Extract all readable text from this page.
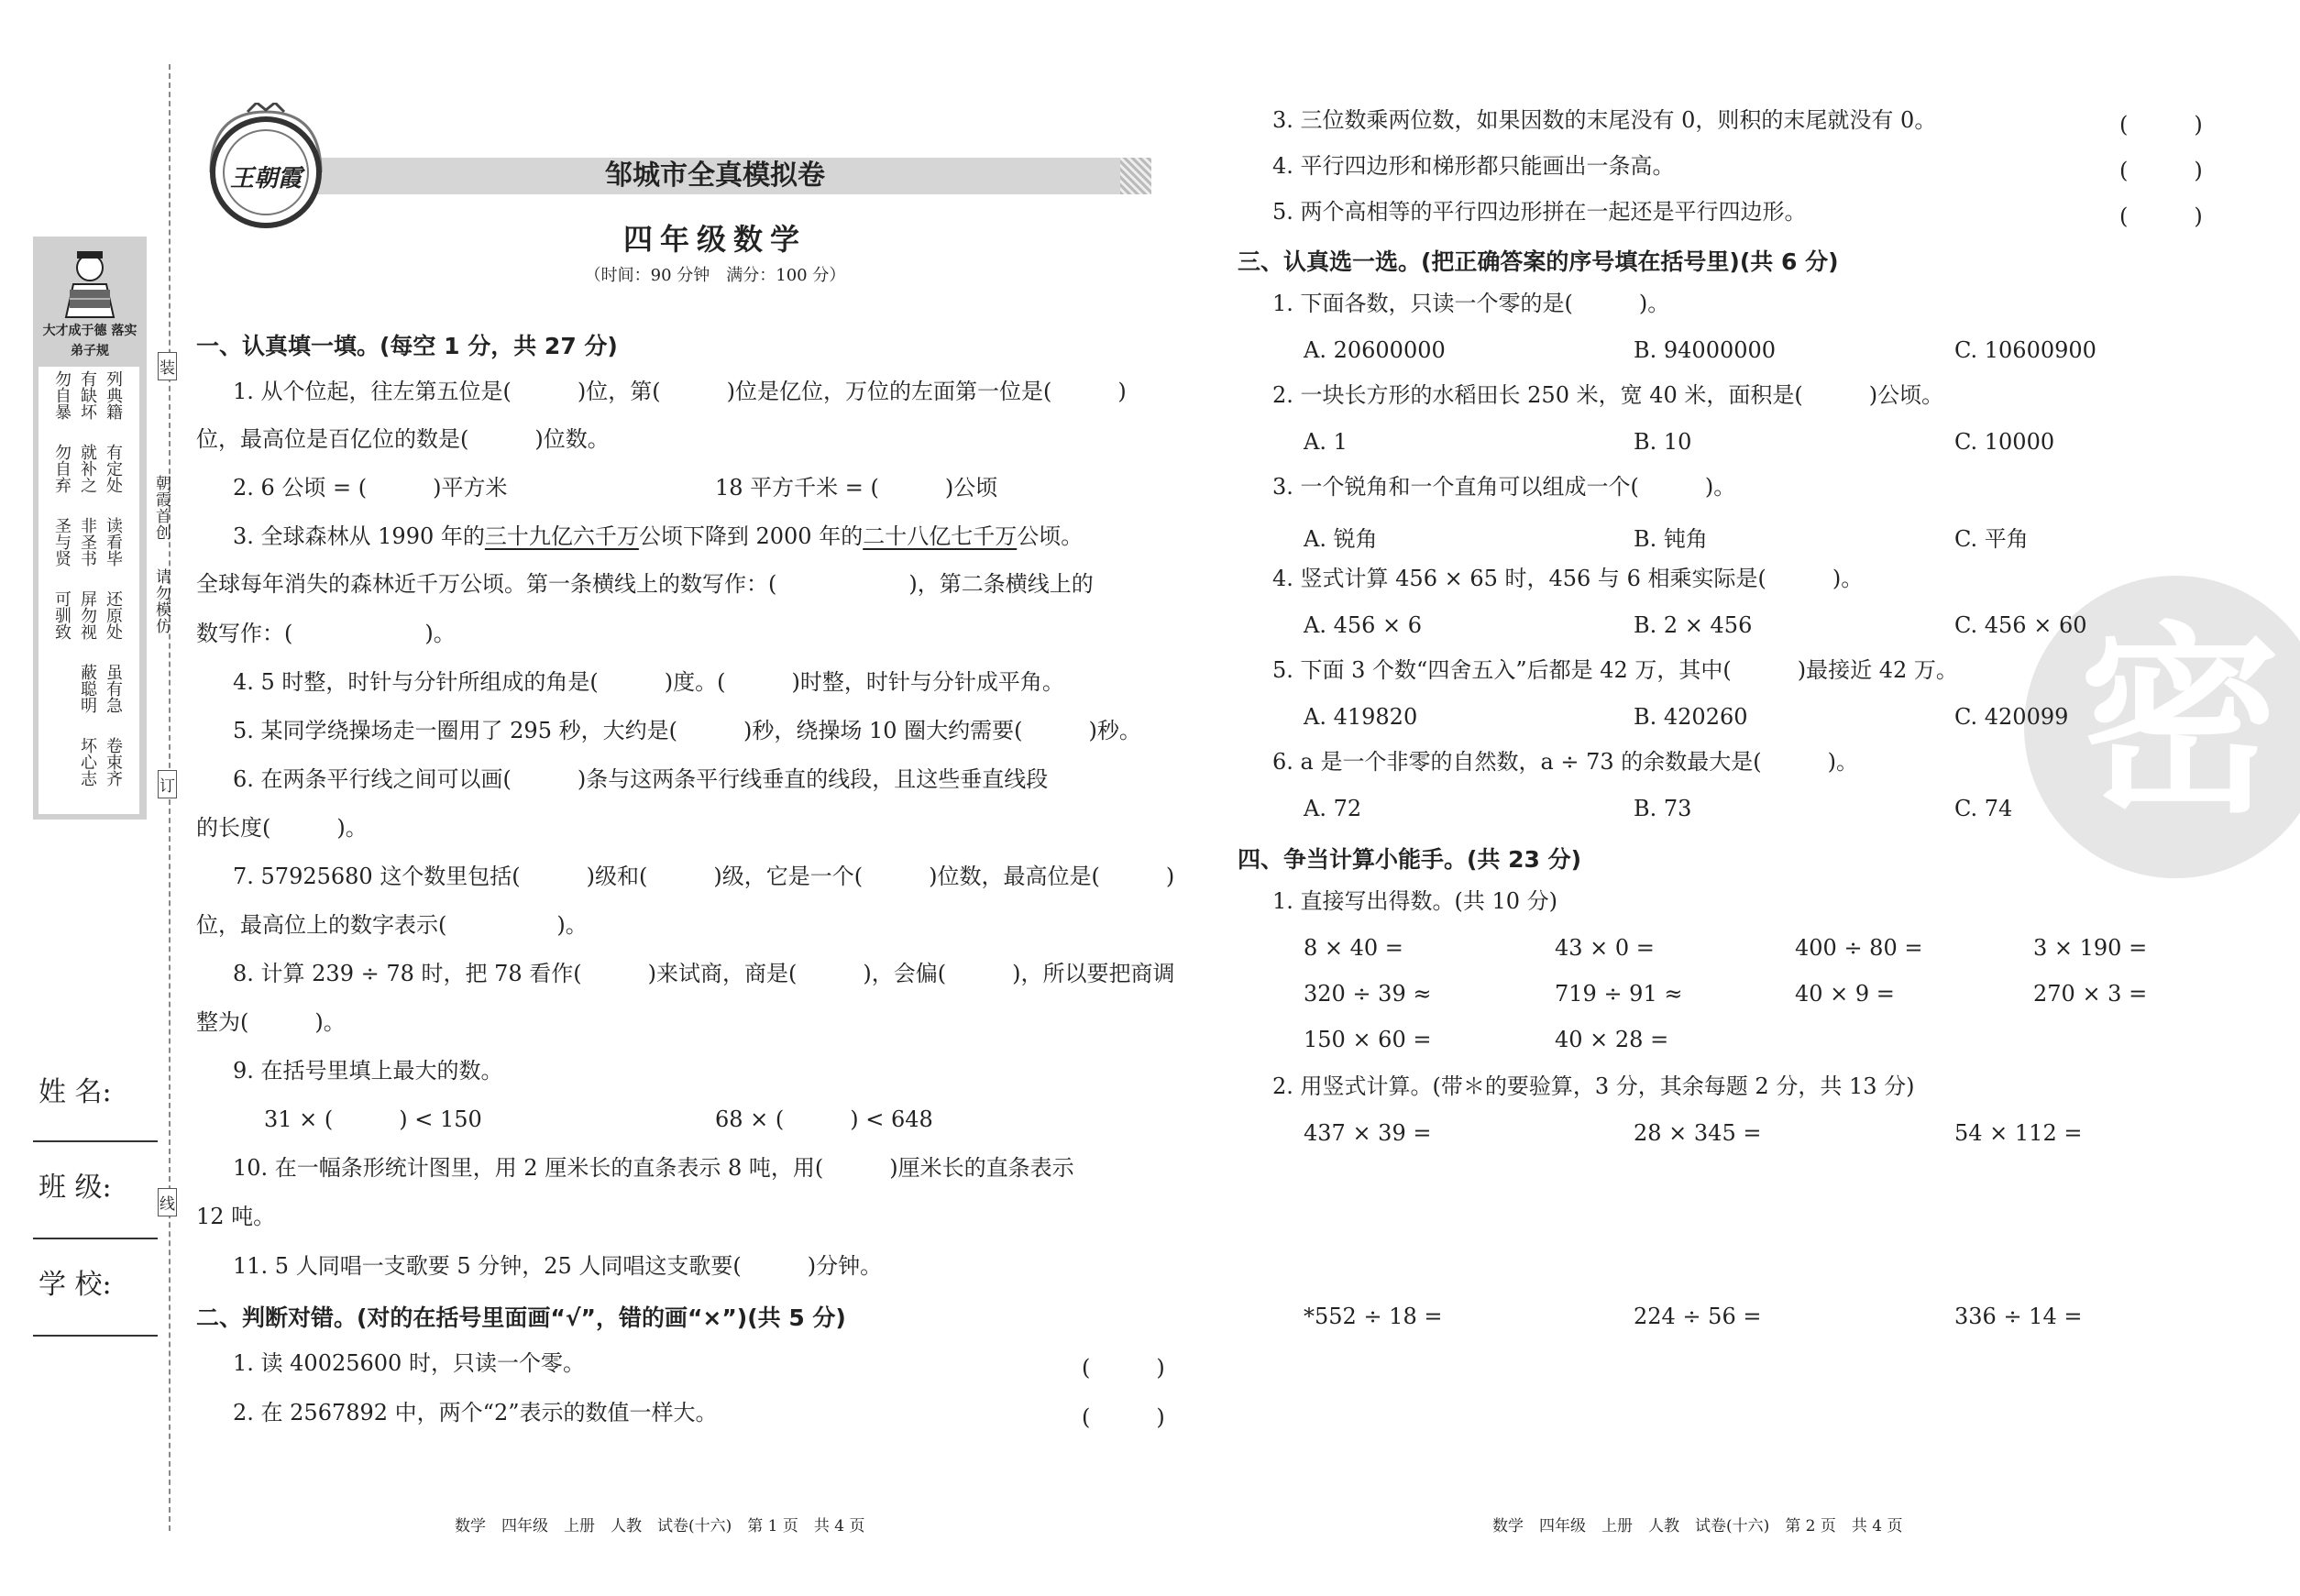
大才成于德 落实弟子规
勿自暴
勿自弃
圣与贤
可驯致
有缺坏
就补之
非圣书
屏勿视
蔽聪明
坏心志
列典籍
有定处
读看毕
还原处
虽有急
卷束齐
朝霞首创
请勿模仿
装
订
线
姓 名:
班 级:
学 校:
王朝霞	邹城市全真模拟卷
四年级数学
（时间：90 分钟　满分：100 分）
一、认真填一填。(每空 1 分，共 27 分)
1. 从个位起，往左第五位是(　　　)位，第(　　　)位是亿位，万位的左面第一位是(　　　)
位，最高位是百亿位的数是(　　　)位数。
2. 6 公顷 = (　　　)平方米	18 平方千米 = (　　　)公顷
3. 全球森林从 1990 年的三十九亿六千万公顷下降到 2000 年的二十八亿七千万公顷。
全球每年消失的森林近千万公顷。第一条横线上的数写作：(　　　　　　)，第二条横线上的
数写作：(　　　　　　)。
4. 5 时整，时针与分针所组成的角是(　　　)度。(　　　)时整，时针与分针成平角。
5. 某同学绕操场走一圈用了 295 秒，大约是(　　　)秒，绕操场 10 圈大约需要(　　　)秒。
6. 在两条平行线之间可以画(　　　)条与这两条平行线垂直的线段，且这些垂直线段
的长度(　　　)。
7. 57925680 这个数里包括(　　　)级和(　　　)级，它是一个(　　　)位数，最高位是(　　　)
位，最高位上的数字表示(　　　　　)。
8. 计算 239 ÷ 78 时，把 78 看作(　　　)来试商，商是(　　　)，会偏(　　　)，所以要把商调
整为(　　　)。
9. 在括号里填上最大的数。
31 × (　　　) < 150	68 × (　　　) < 648
10. 在一幅条形统计图里，用 2 厘米长的直条表示 8 吨，用(　　　)厘米长的直条表示
12 吨。
11. 5 人同唱一支歌要 5 分钟，25 人同唱这支歌要(　　　)分钟。
二、判断对错。(对的在括号里面画“√”，错的画“×”)(共 5 分)
1. 读 40025600 时，只读一个零。	(　　　)
2. 在 2567892 中，两个“2”表示的数值一样大。	(　　　)
数学　四年级　上册　人教　试卷(十六)　第 1 页　共 4 页
密
3. 三位数乘两位数，如果因数的末尾没有 0，则积的末尾就没有 0。	(　　　)
4. 平行四边形和梯形都只能画出一条高。	(　　　)
5. 两个高相等的平行四边形拼在一起还是平行四边形。	(　　　)
三、认真选一选。(把正确答案的序号填在括号里)(共 6 分)
1. 下面各数，只读一个零的是(　　　)。
A. 20600000	B. 94000000	C. 10600900
2. 一块长方形的水稻田长 250 米，宽 40 米，面积是(　　　)公顷。
A. 1	B. 10	C. 10000
3. 一个锐角和一个直角可以组成一个(　　　)。
A. 锐角	B. 钝角	C. 平角
4. 竖式计算 456 × 65 时，456 与 6 相乘实际是(　　　)。
A. 456 × 6	B. 2 × 456	C. 456 × 60
5. 下面 3 个数“四舍五入”后都是 42 万，其中(　　　)最接近 42 万。
A. 419820	B. 420260	C. 420099
6. a 是一个非零的自然数，a ÷ 73 的余数最大是(　　　)。
A. 72	B. 73	C. 74
四、争当计算小能手。(共 23 分)
1. 直接写出得数。(共 10 分)
8 × 40 =	43 × 0 =	400 ÷ 80 =	3 × 190 =
320 ÷ 39 ≈	719 ÷ 91 ≈	40 × 9 =	270 × 3 =
150 × 60 =	40 × 28 =
2. 用竖式计算。(带＊的要验算，3 分，其余每题 2 分，共 13 分)
437 × 39 =	28 × 345 =	54 × 112 =
*552 ÷ 18 =	224 ÷ 56 =	336 ÷ 14 =
数学　四年级　上册　人教　试卷(十六)　第 2 页　共 4 页
